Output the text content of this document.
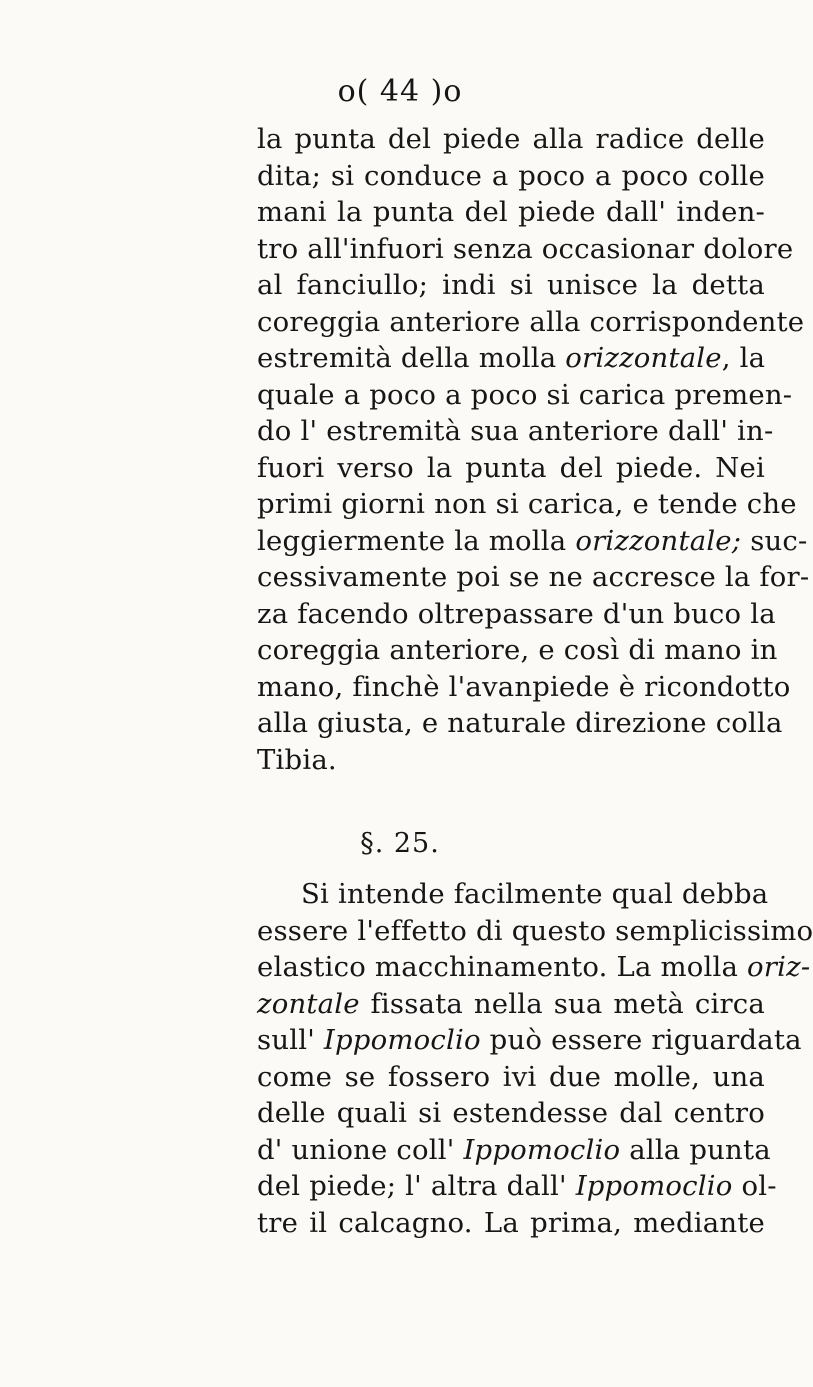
o( 44 )o
la punta del piede alla radice delle
dita; si conduce a poco a poco colle
mani la punta del piede dall' inden-
tro all'infuori senza occasionar dolore
al fanciullo; indi si unisce la detta
coreggia anteriore alla corrispondente
estremità della molla orizzontale, la
quale a poco a poco si carica premen-
do l' estremità sua anteriore dall' in-
fuori verso la punta del piede. Nei
primi giorni non si carica, e tende che
leggiermente la molla orizzontale; suc-
cessivamente poi se ne accresce la for-
za facendo oltrepassare d'un buco la
coreggia anteriore, e così di mano in
mano, finchè l'avanpiede è ricondotto
alla giusta, e naturale direzione colla
Tibia.
§. 25.
Si intende facilmente qual debba
essere l'effetto di questo semplicissimo
elastico macchinamento. La molla oriz-
zontale fissata nella sua metà circa
sull' Ippomoclio può essere riguardata
come se fossero ivi due molle, una
delle quali si estendesse dal centro
d' unione coll' Ippomoclio alla punta
del piede; l' altra dall' Ippomoclio ol-
tre il calcagno. La prima, mediante
